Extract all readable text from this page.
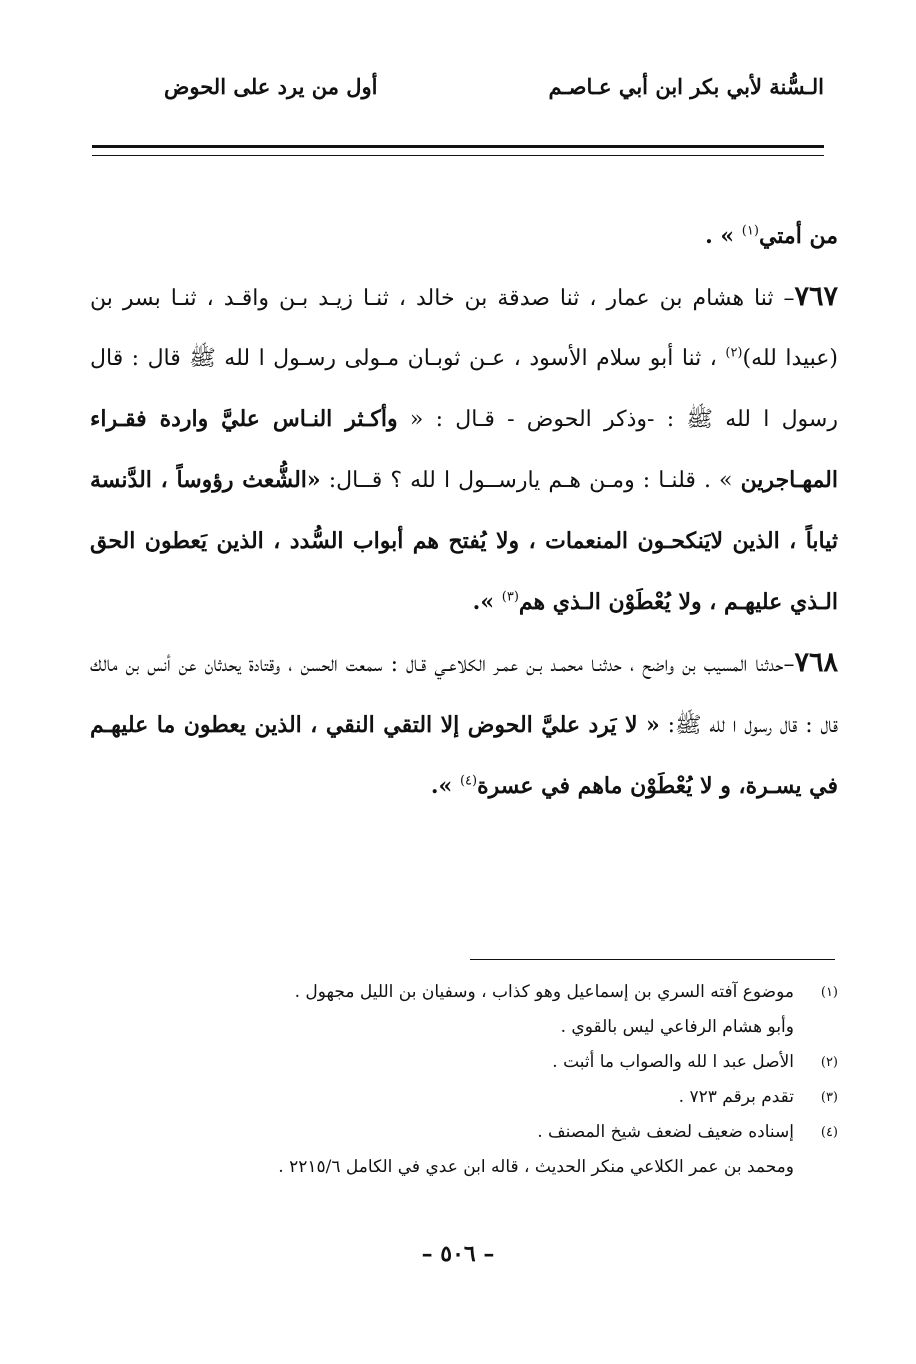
الـسُّنة لأبي بكر ابن أبي عـاصـم
أول من يرد على الحوض

من أمتي$^{(١)}$ » .

٧٦٧– ثنا هشام بن عمار ، ثنا صدقة بن خالد ، ثنـا زيـد بـن واقـد ، ثنـا بسر بن (عبيدا لله)$^{(٢)}$ ، ثنا أبو سلام الأسود ، عـن ثوبـان مـولى رسـول ا لله ﷺ قال : قال رسول ا لله ﷺ : -وذكر الحوض - قـال : « وأكـثر النـاس عليَّ واردة فقـراء المهـاجرين » . قلنـا : ومـن هـم يارســول ا لله ؟ قــال: «الشُّعث رؤوساً ، الدَّنسة ثياباً ، الذين لايَنكحـون المنعمات ، ولا يُفتح هم أبواب السُّدد ، الذين يَعطون الحق الـذي عليهـم ، ولا يُعْطَوْن الـذي هم$^{(٣)}$ ».

٧٦٨–حدثنا المسيب بن واضح ، حدثنـا محمـد بـن عمـر الكلاعـي قـال : سمعت الحسن ، وقتادة يحدثان عن أنس بن مالك قال : قال رسول ا لله ﷺ: « لا يَرد عليَّ الحوض إلا التقي النقي ، الذين يعطون ما عليهـم في يسـرة، و لا يُعْطَوْن ماهم في عسرة$^{(٤)}$ ».

(١)
موضوع آفته السري بن إسماعيل وهو كذاب ، وسفيان بن الليل مجهول .
وأبو هشام الرفاعي ليس بالقوي .
(٢)
الأصل عبد ا لله والصواب ما أثبت .
(٣)
تقدم برقم ٧٢٣ .
(٤)
إسناده ضعيف لضعف شيخ المصنف .
ومحمد بن عمر الكلاعي منكر الحديث ، قاله ابن عدي في الكامل ٢٢١٥/٦ .
– ٥٠٦ –
